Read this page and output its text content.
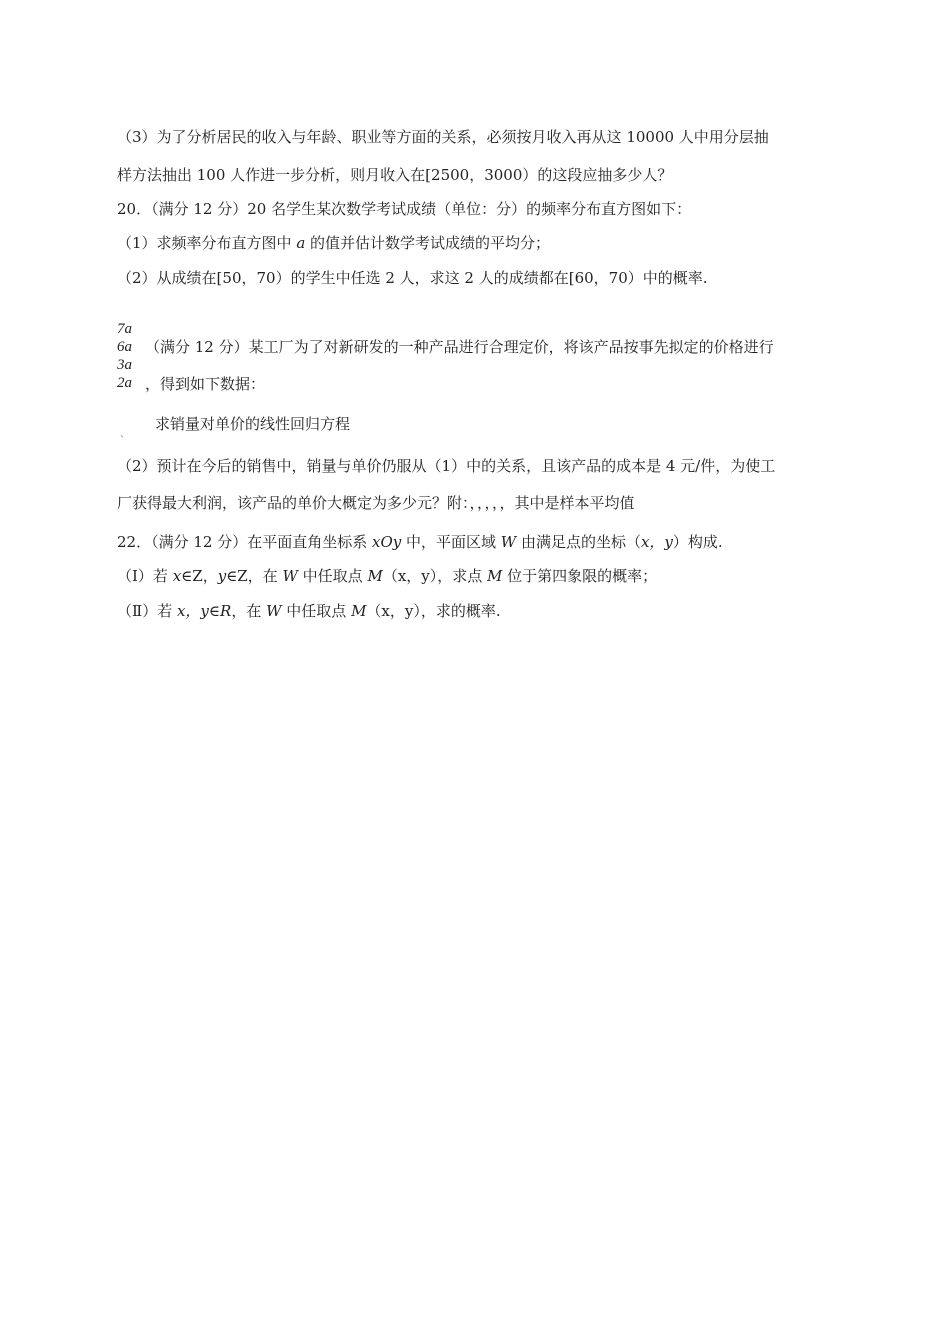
（3）为了分析居民的收入与年龄、职业等方面的关系，必须按月收入再从这 10000 人中用分层抽
样方法抽出 100 人作进一步分析，则月收入在[2500，3000）的这段应抽多少人？
20．（满分 12 分）20 名学生某次数学考试成绩（单位：分）的频率分布直方图如下：
（1）求频率分布直方图中 a 的值并估计数学考试成绩的平均分；
（2）从成绩在[50，70）的学生中任选 2 人，求这 2 人的成绩都在[60，70）中的概率.
7a
6a
3a
2a
（满分 12 分）某工厂为了对新研发的一种产品进行合理定价，将该产品按事先拟定的价格进行
，得到如下数据：
、
求销量对单价的线性回归方程
（2）预计在今后的销售中，销量与单价仍服从（1）中的关系，且该产品的成本是 4 元/件，为使工
厂获得最大利润，该产品的单价大概定为多少元？附：，，，，，其中是样本平均值
22．（满分 12 分）在平面直角坐标系 xOy 中，平面区域 W 由满足点的坐标（x，y）构成.
（Ⅰ）若 x∈Z，y∈Z，在 W 中任取点 M（x，y），求点 M 位于第四象限的概率；
（Ⅱ）若 x，y∈R，在 W 中任取点 M（x，y），求的概率.
